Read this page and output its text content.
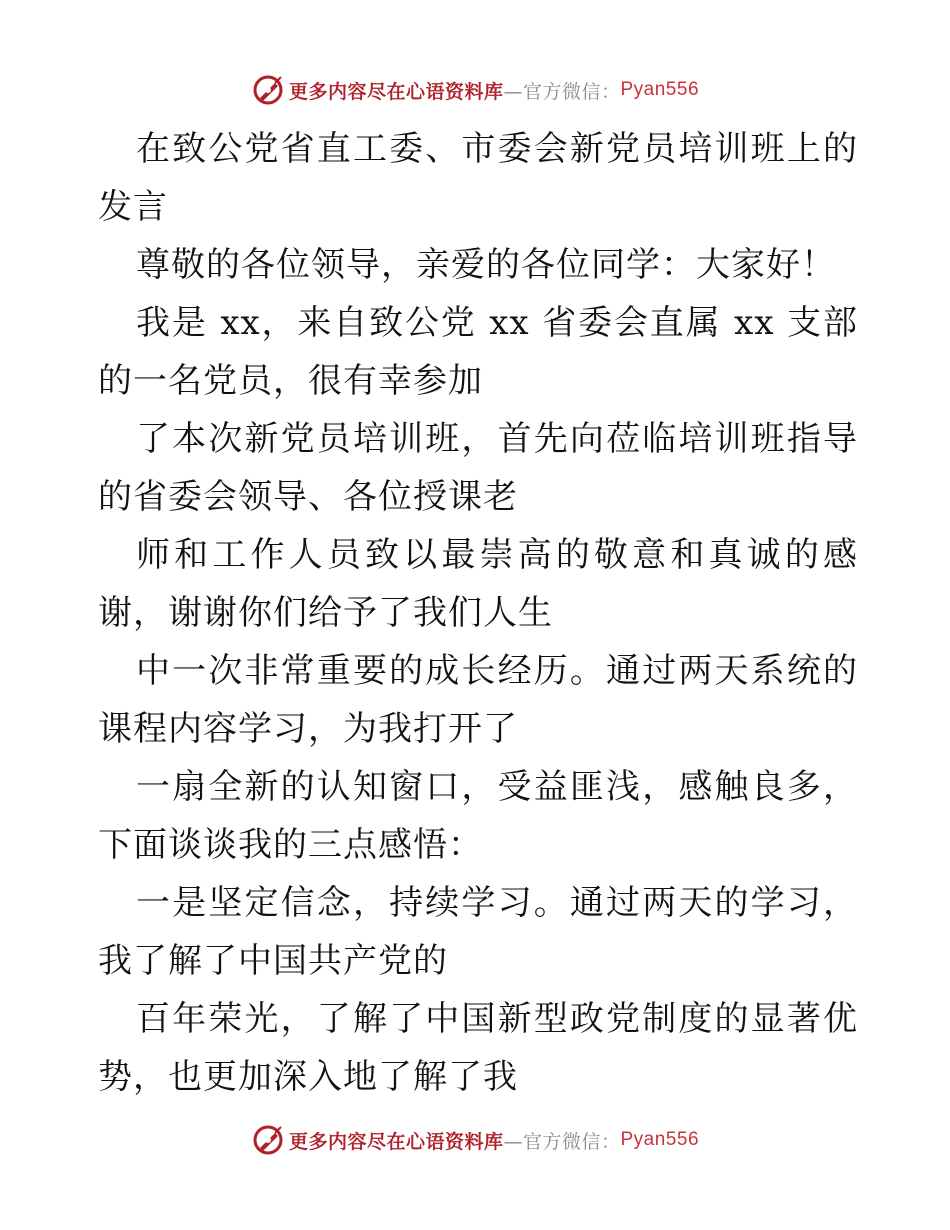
更多内容尽在心语资料库 —官方微信： Pyan556

在致公党省直工委、市委会新党员培训班上的发言

尊敬的各位领导，亲爱的各位同学：大家好！

我是 xx，来自致公党 xx 省委会直属 xx 支部的一名党员，很有幸参加

了本次新党员培训班，首先向莅临培训班指导的省委会领导、各位授课老

师和工作人员致以最崇高的敬意和真诚的感谢，谢谢你们给予了我们人生

中一次非常重要的成长经历。通过两天系统的课程内容学习，为我打开了

一扇全新的认知窗口，受益匪浅，感触良多，下面谈谈我的三点感悟：

一是坚定信念，持续学习。通过两天的学习，我了解了中国共产党的

百年荣光，了解了中国新型政党制度的显著优势，也更加深入地了解了我

更多内容尽在心语资料库 —官方微信： Pyan556
